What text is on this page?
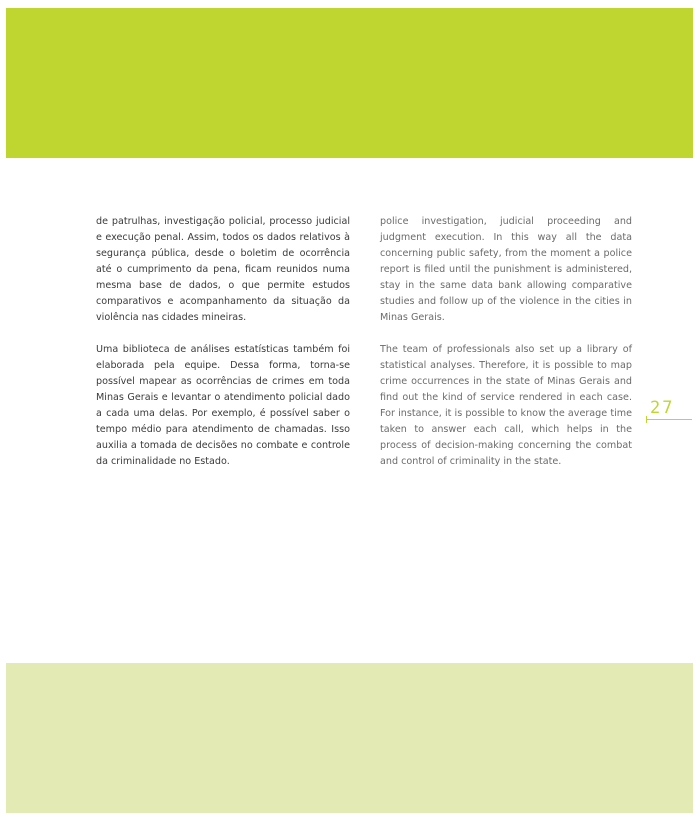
de patrulhas, investigação policial, processo judicial e execução penal. Assim, todos os dados relativos à segurança pública, desde o boletim de ocorrência até o cumprimento da pena, ficam reunidos numa mesma base de dados, o que permite estudos comparativos e acompanhamento da situação da violência nas cidades mineiras.

Uma biblioteca de análises estatísticas também foi elaborada pela equipe. Dessa forma, torna-se possível mapear as ocorrências de crimes em toda Minas Gerais e levantar o atendimento policial dado a cada uma delas. Por exemplo, é possível saber o tempo médio para atendimento de chamadas. Isso auxilia a tomada de decisões no combate e controle da criminalidade no Estado.

police investigation, judicial proceeding and judgment execution. In this way all the data concerning public safety, from the moment a police report is filed until the punishment is administered, stay in the same data bank allowing comparative studies and follow up of the violence in the cities in Minas Gerais.

The team of professionals also set up a library of statistical analyses. Therefore, it is possible to map crime occurrences in the state of Minas Gerais and find out the kind of service rendered in each case. For instance, it is possible to know the average time taken to answer each call, which helps in the process of decision-making concerning the combat and control of criminality in the state.

27
